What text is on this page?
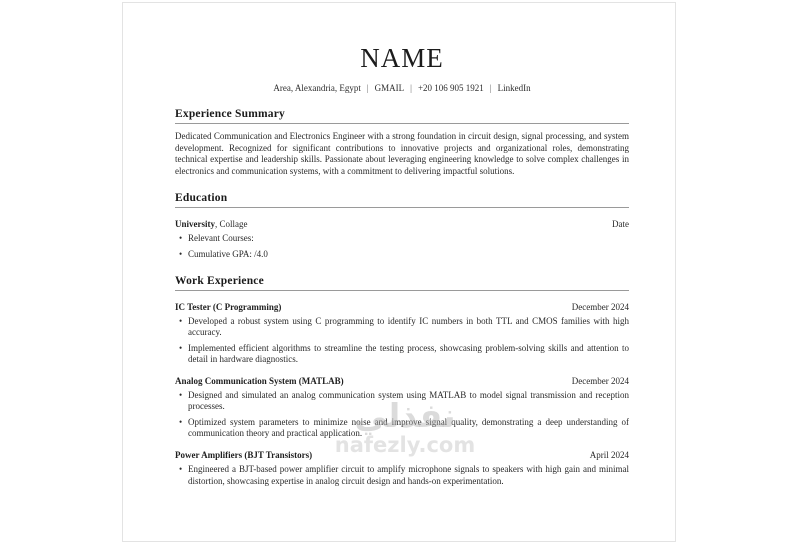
NAME
Area, Alexandria, Egypt | GMAIL | +20 106 905 1921 | LinkedIn
Experience Summary

Dedicated Communication and Electronics Engineer with a strong foundation in circuit design, signal processing, and system development. Recognized for significant contributions to innovative projects and organizational roles, demonstrating technical expertise and leadership skills. Passionate about leveraging engineering knowledge to solve complex challenges in electronics and communication systems, with a commitment to delivering impactful solutions.

Education
University, Collage	Date
• Relevant Courses:
• Cumulative GPA: /4.0
Work Experience
IC Tester (C Programming)	December 2024
• Developed a robust system using C programming to identify IC numbers in both TTL and CMOS families with high accuracy.
• Implemented efficient algorithms to streamline the testing process, showcasing problem-solving skills and attention to detail in hardware diagnostics.
Analog Communication System (MATLAB)	December 2024
• Designed and simulated an analog communication system using MATLAB to model signal transmission and reception processes.
• Optimized system parameters to minimize noise and improve signal quality, demonstrating a deep understanding of communication theory and practical application.
Power Amplifiers (BJT Transistors)	April 2024
• Engineered a BJT-based power amplifier circuit to amplify microphone signals to speakers with high gain and minimal distortion, showcasing expertise in analog circuit design and hands-on experimentation.
نفذلي
nafezly.com
